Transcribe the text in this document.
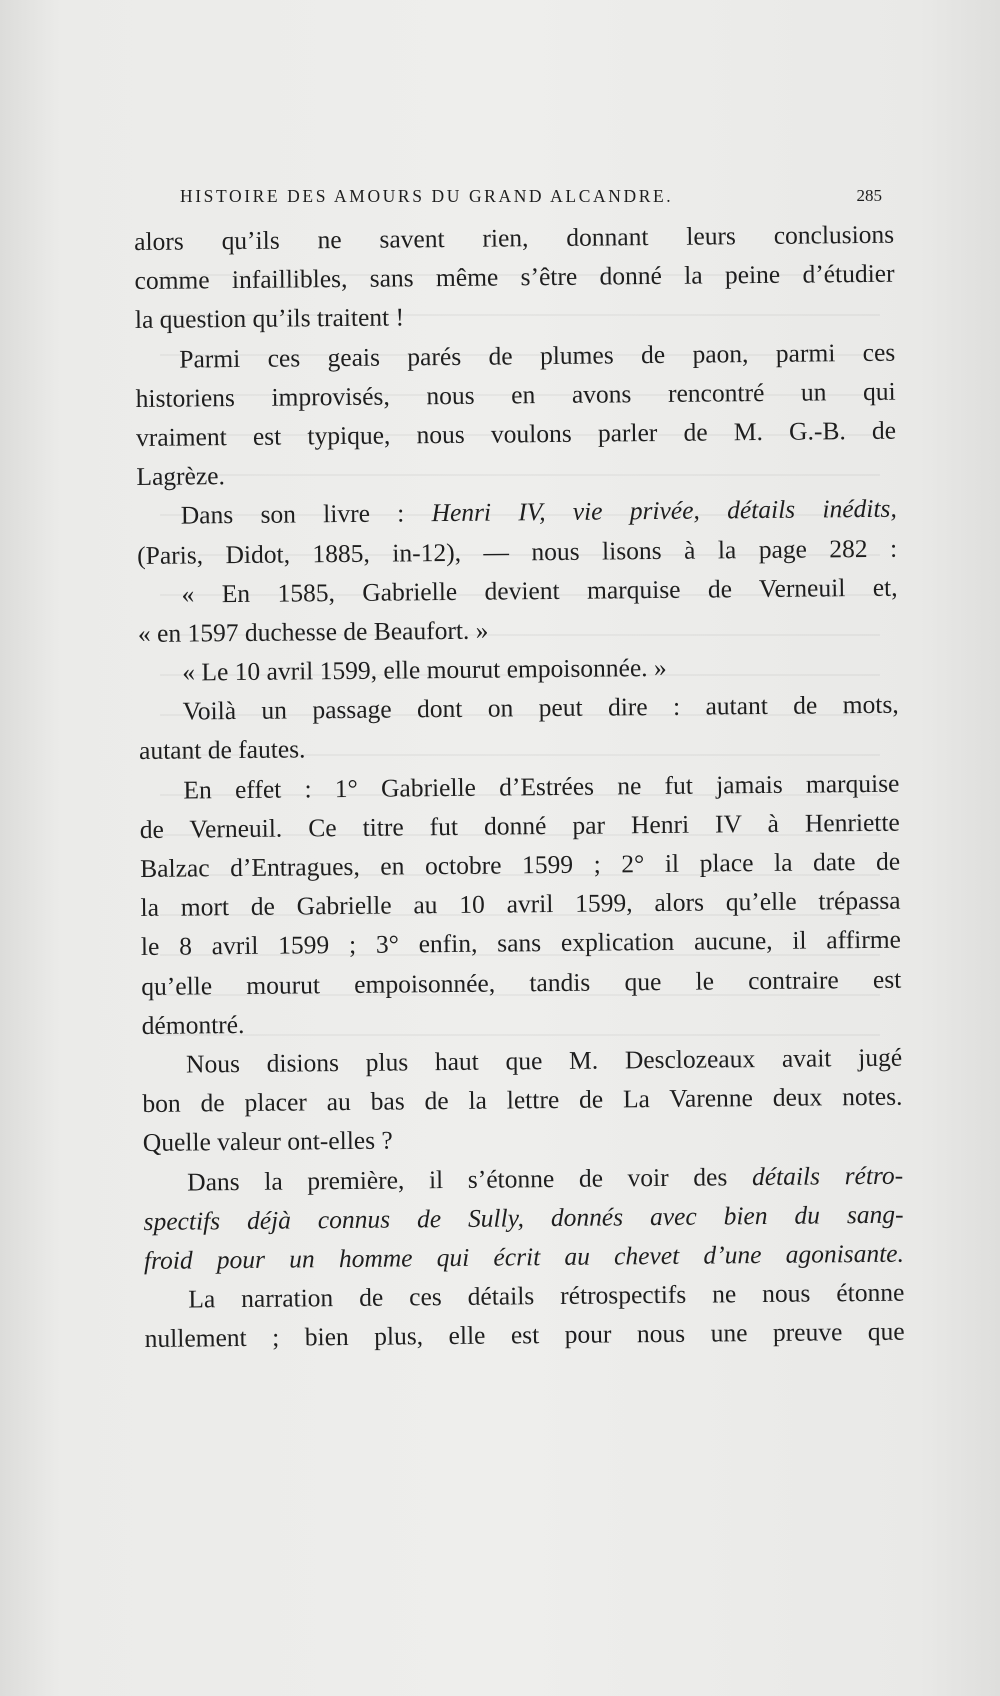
HISTOIRE DES AMOURS DU GRAND ALCANDRE.	285
alors qu’ils ne savent rien, donnant leurs conclusions
comme infaillibles, sans même s’être donné la peine d’étudier
la question qu’ils traitent !
Parmi ces geais parés de plumes de paon, parmi ces
historiens improvisés, nous en avons rencontré un qui
vraiment est typique, nous voulons parler de M. G.-B. de
Lagrèze.
Dans son livre : Henri IV, vie privée, détails inédits,
(Paris, Didot, 1885, in-12), — nous lisons à la page 282 :
« En 1585, Gabrielle devient marquise de Verneuil et,
« en 1597 duchesse de Beaufort. »
« Le 10 avril 1599, elle mourut empoisonnée. »
Voilà un passage dont on peut dire : autant de mots,
autant de fautes.
En effet : 1° Gabrielle d’Estrées ne fut jamais marquise
de Verneuil. Ce titre fut donné par Henri IV à Henriette
Balzac d’Entragues, en octobre 1599 ; 2° il place la date de
la mort de Gabrielle au 10 avril 1599, alors qu’elle trépassa
le 8 avril 1599 ; 3° enfin, sans explication aucune, il affirme
qu’elle mourut empoisonnée, tandis que le contraire est
démontré.
Nous disions plus haut que M. Desclozeaux avait jugé
bon de placer au bas de la lettre de La Varenne deux notes.
Quelle valeur ont-elles ?
Dans la première, il s’étonne de voir des détails rétro-
spectifs déjà connus de Sully, donnés avec bien du sang-
froid pour un homme qui écrit au chevet d’une agonisante.
La narration de ces détails rétrospectifs ne nous étonne
nullement ; bien plus, elle est pour nous une preuve que
